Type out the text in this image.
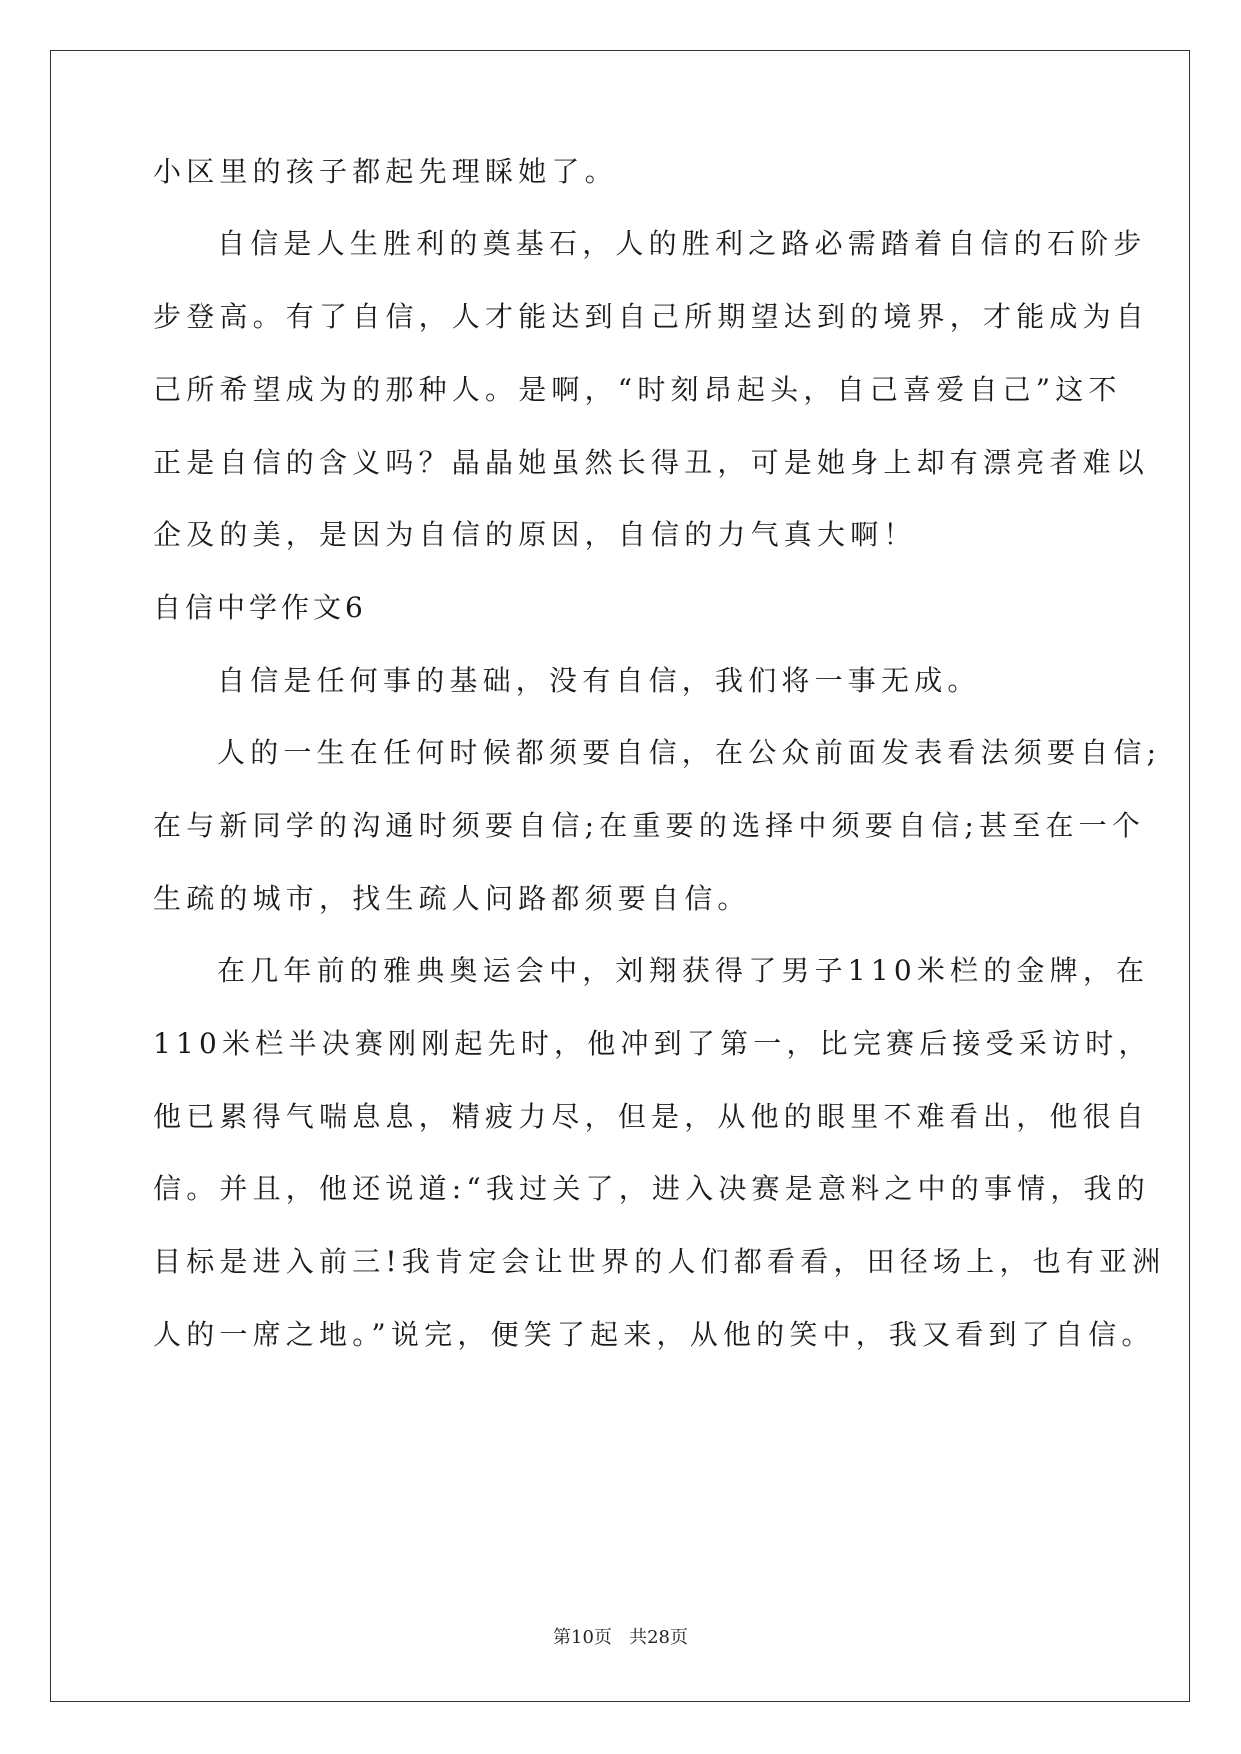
小区里的孩子都起先理睬她了。
自信是人生胜利的奠基石，人的胜利之路必需踏着自信的石阶步
步登高。有了自信，人才能达到自己所期望达到的境界，才能成为自
己所希望成为的那种人。是啊，“时刻昂起头，自己喜爱自己”这不
正是自信的含义吗？晶晶她虽然长得丑，可是她身上却有漂亮者难以
企及的美，是因为自信的原因，自信的力气真大啊！
自信中学作文6
自信是任何事的基础，没有自信，我们将一事无成。
人的一生在任何时候都须要自信，在公众前面发表看法须要自信;
在与新同学的沟通时须要自信;在重要的选择中须要自信;甚至在一个
生疏的城市，找生疏人问路都须要自信。
在几年前的雅典奥运会中，刘翔获得了男子110米栏的金牌，在
110米栏半决赛刚刚起先时，他冲到了第一，比完赛后接受采访时，
他已累得气喘息息，精疲力尽，但是，从他的眼里不难看出，他很自
信。并且，他还说道:“我过关了，进入决赛是意料之中的事情，我的
目标是进入前三!我肯定会让世界的人们都看看，田径场上，也有亚洲
人的一席之地。”说完，便笑了起来，从他的笑中，我又看到了自信。
第10页   共28页
